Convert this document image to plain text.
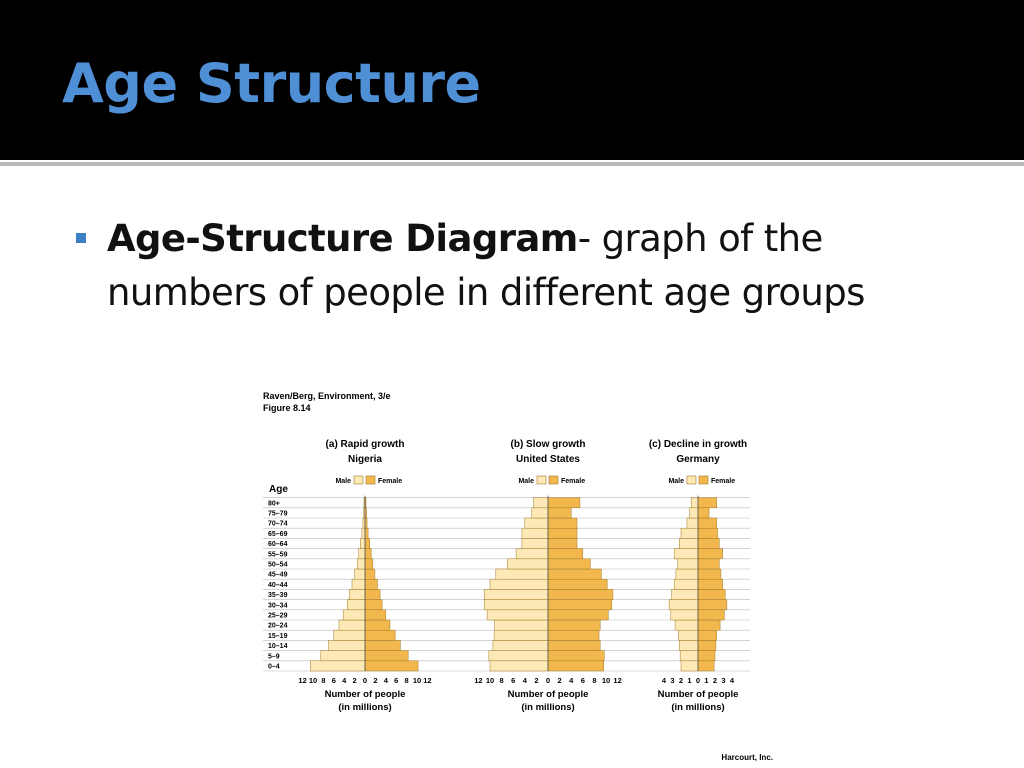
Age Structure

Age-Structure Diagram- graph of the numbers of people in different age groups

Raven/Berg, Environment, 3/e
Figure 8.14
Age
0–4
5–9
10–14
15–19
20–24
25–29
30–34
35–39
40–44
45–49
50–54
55–59
60–64
65–69
70–74
75–79
80+
(a) Rapid growth
Nigeria
Male	Female
12 10 8 6 4 2 0 2 4 6 8 10 12
Number of people
(in millions)
(b) Slow growth
United States
Male	Female
12 10 8 6 4 2 0 2 4 6 8 10 12
Number of people
(in millions)
(c) Decline in growth
Germany
Male	Female
4 3 2 1 0 1 2 3 4
Number of people
(in millions)
Harcourt, Inc.
